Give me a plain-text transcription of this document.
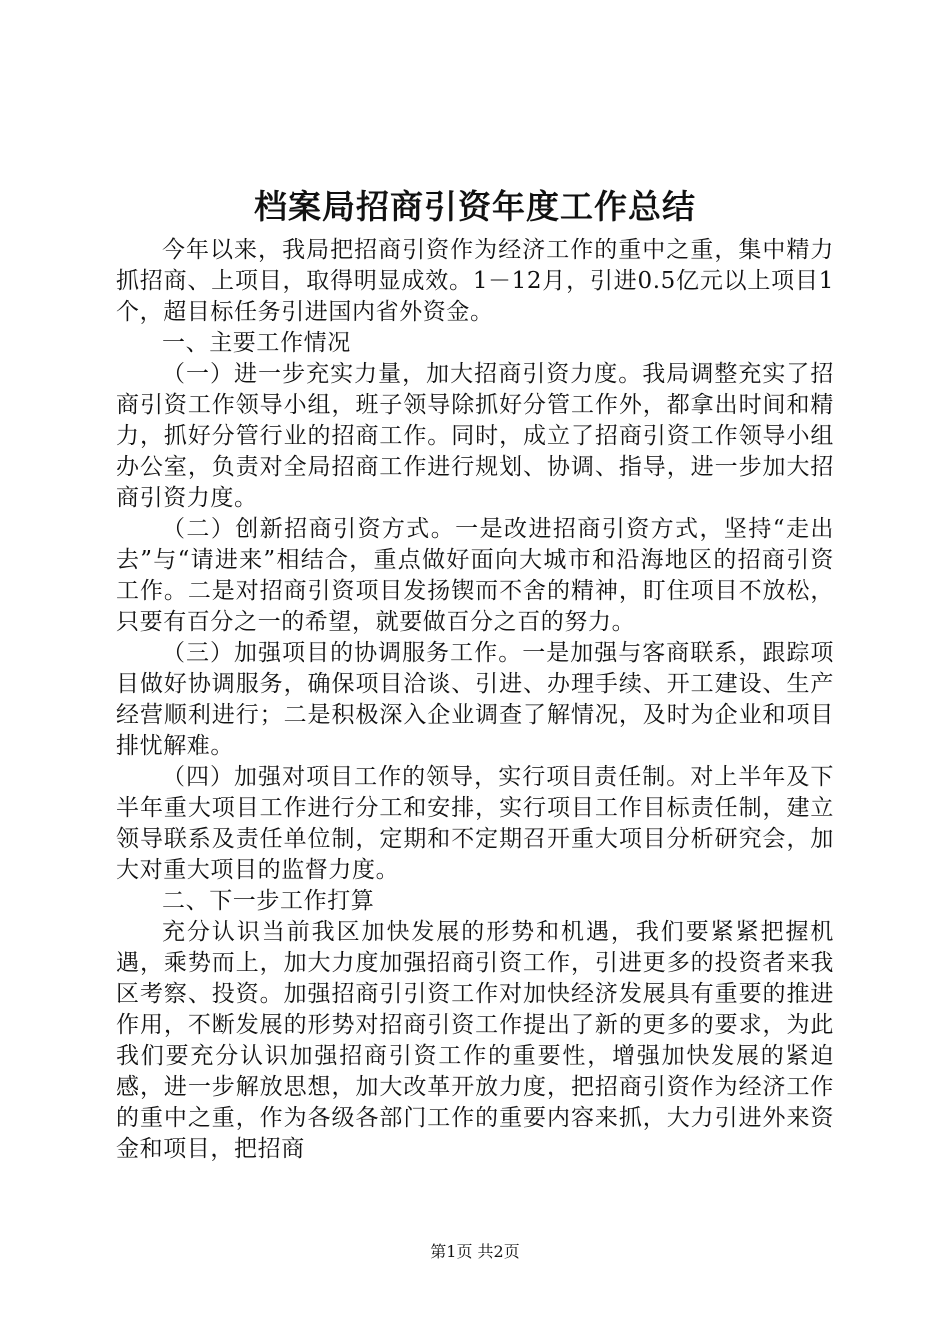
档案局招商引资年度工作总结

今年以来，我局把招商引资作为经济工作的重中之重，集中精力抓招商、上项目，取得明显成效。1－12月，引进0.5亿元以上项目1个，超目标任务引进国内省外资金。

一、主要工作情况

（一）进一步充实力量，加大招商引资力度。我局调整充实了招商引资工作领导小组，班子领导除抓好分管工作外，都拿出时间和精力，抓好分管行业的招商工作。同时，成立了招商引资工作领导小组办公室，负责对全局招商工作进行规划、协调、指导，进一步加大招商引资力度。

（二）创新招商引资方式。一是改进招商引资方式，坚持“走出去”与“请进来”相结合，重点做好面向大城市和沿海地区的招商引资工作。二是对招商引资项目发扬锲而不舍的精神，盯住项目不放松，只要有百分之一的希望，就要做百分之百的努力。

（三）加强项目的协调服务工作。一是加强与客商联系，跟踪项目做好协调服务，确保项目洽谈、引进、办理手续、开工建设、生产经营顺利进行；二是积极深入企业调查了解情况，及时为企业和项目排忧解难。

（四）加强对项目工作的领导，实行项目责任制。对上半年及下半年重大项目工作进行分工和安排，实行项目工作目标责任制，建立领导联系及责任单位制，定期和不定期召开重大项目分析研究会，加大对重大项目的监督力度。

二、下一步工作打算

充分认识当前我区加快发展的形势和机遇，我们要紧紧把握机遇，乘势而上，加大力度加强招商引资工作，引进更多的投资者来我区考察、投资。加强招商引引资工作对加快经济发展具有重要的推进作用，不断发展的形势对招商引资工作提出了新的更多的要求，为此我们要充分认识加强招商引资工作的重要性，增强加快发展的紧迫感，进一步解放思想，加大改革开放力度，把招商引资作为经济工作的重中之重，作为各级各部门工作的重要内容来抓，大力引进外来资金和项目，把招商

第1页 共2页
